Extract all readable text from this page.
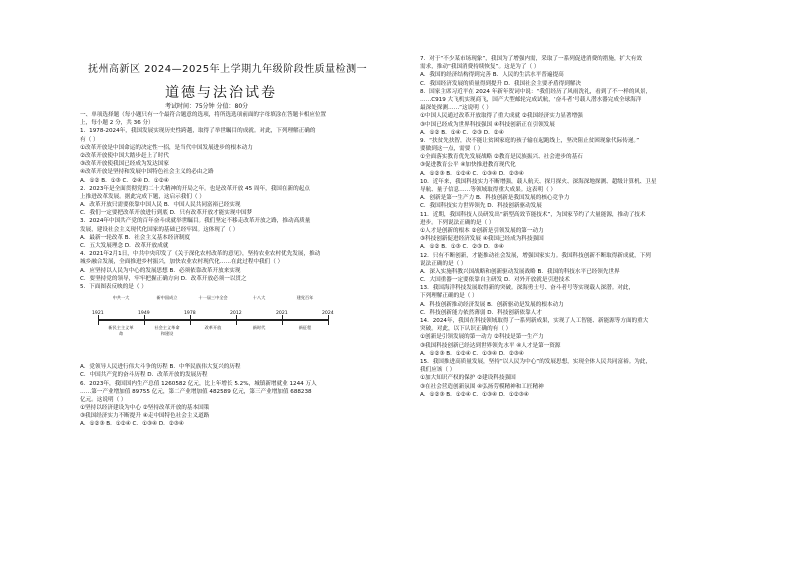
抚州高新区 2024—2025年上学期九年级阶段性质量检测一
道德与法治试卷
考试时间：75分钟 分值：80分
一、单项选择题（每小题只有一个最符合题意的选项，将所选选项前面的字母填涂在答题卡相应位置
上，每小题 2 分，共 36 分）
1．1978-2024年，我国发展实现历史性跨越，取得了举世瞩目的成就。对此，下列理解正确的
有（ ）
①改革开放是中国命运的决定性一招，是当代中国发展进步的根本动力
②改革开放使中国大踏步赶上了时代
③改革开放使我国已经成为发达国家
④改革开放是坚持和发展中国特色社会主义的必由之路
A．①② B．①③ C．②④ D．①②④
2．2023年是全面贯彻党的二十大精神的开局之年。也是改革开放 45 周年，我国在新的起点
上推进改革发展。据此完成下题，这启示我们（ ）
A．改革开放只需要依靠中国人民 B．中国人民共同富裕已经实现
C．我们一定要把改革开放进行到底 D．只有改革开放才能实现中国梦
3．2024年中国共产党的百年奋斗成就举世瞩目。我们坚定不移走改革开放之路，推动高质量
发展，建设社会主义现代化国家的基础已经牢固。这体现了（ ）
A．最新一轮改革 B．社会主义基本经济制度
C．五大发展理念 D．改革开放成就
4．2021年2月1日，中共中央印发了《关于深化农村改革的意见》，坚持农业农村优先发展，推动
城乡融合发展，全面推进乡村振兴，加快农业农村现代化……在此过程中我们（ ）
A．应坚持以人民为中心的发展思想 B．必须依靠改革开放来实现
C．要坚持党的领导，牢牢把握正确方向 D．改革开放必须一以贯之
5．下面图表反映的是（ ）
1921	1949	1978	2012	2021	2024
中共一大	新中国成立	十一届三中全会	十八大	建党百年
新民主主义革命
社会主义革命和建设
改革开放	新时代	新征程
A．党领导人民进行伟大斗争的历程 B．中华民族伟大复兴的历程
C．中国共产党的奋斗历程 D．改革开放的发展历程
6．2023年，我国国内生产总值 1260582 亿元，比上年增长 5.2%，城镇新增就业 1244 万人
……第一产业增加值 89755 亿元，第二产业增加值 482589 亿元，第三产业增加值 688238
亿元。这说明（ ）
①坚持以经济建设为中心 ②坚持改革开放的基本国策
③我国经济实力不断提升 ④走中国特色社会主义道路
A．①②③ B．①②④ C．①③④ D．②③④
7．对于“不少某市场现象”，我国为了增强内需，采取了一系列促进消费的措施，扩大有效
需求，推动“我国消费持续恢复”。这是为了（ ）
A．我国的经济结构得到完善 B．人民的生活水平普遍提高
C．我国经济发展的质量得到提升 D．我国社会主要矛盾得到解决
8．国家主席习近平在 2024 年新年贺词中说：“我们经历了风雨洗礼，看到了不一样的风景，
……C919 大飞机实现商飞，国产大型邮轮完成试航，‘奋斗者’号载人潜水器完成全球海洋
最深处探测……”这说明（ ）
①中国人民通过改革开放取得了重大成就 ②我国经济实力显著增强
③中国已经成为世界科技强国 ④科技创新正在引领发展
A．①② B．①④ C．②③ D．②④
9．“扶贫先扶智，决不能让贫困家庭的孩子输在起跑线上，坚决阻止贫困现象代际传递。”
要做到这一点，需要（ ）
①全面落实教育优先发展战略 ②教育是民族振兴、社会进步的基石
③促进教育公平 ④加快推进教育现代化
A．①②③ B．①②④ C．①③④ D．②③④
10．近年来，我国科技实力不断增强，载人航天、探月探火、深海深地探测、超级计算机、卫星
导航、量子信息……等领域取得重大成果。这表明（ ）
A．创新是第一生产力 B．科技创新是我国发展的核心竞争力
C．我国科技实力世界领先 D．科技创新驱动发展
11．近期，我国科技人员研发出“新型高效节能技术”，为国家节约了大量能源，推动了技术
进步。下列说法正确的是（ ）
①人才是创新的根本 ②创新是引领发展的第一动力
③科技创新促进经济发展 ④我国已经成为科技强国
A．①② B．①③ C．②③ D．③④
12．只有不断创新，才能推动社会发展，增强国家实力。我国科技创新不断取得新成就，下列
说法正确的是（ ）
A．深入实施科教兴国战略和创新驱动发展战略 B．我国的科技水平已经领先世界
C．大国重器一定要依靠自主研发 D．对外开放就是引进技术
13．我国海洋科技发展取得新的突破。深海勇士号、奋斗者号等实现载人深潜。对此，
下列理解正确的是（ ）
A．科技创新推动经济发展 B．创新驱动是发展的根本动力
C．科技创新能力依然薄弱 D．科技创新依靠人才
14．2024年，我国在科技领域取得了一系列新成果，实现了人工智能、新能源等方面的重大
突破。对此，以下认识正确的有（ ）
①创新是引领发展的第一动力 ②科技是第一生产力
③我国科技创新已经达到世界领先水平 ④人才是第一资源
A．①②③ B．①②④ C．①③④ D．②③④
15．我国推进高质量发展，坚持“以人民为中心”的发展思想，实现全体人民共同富裕。为此，
我们应该（ ）
①加大知识产权的保护 ②建设科技强国
③在社会营造创新氛围 ④弘扬劳模精神和工匠精神
A．①②③ B．①②④ C．①③④ D．①②③④
